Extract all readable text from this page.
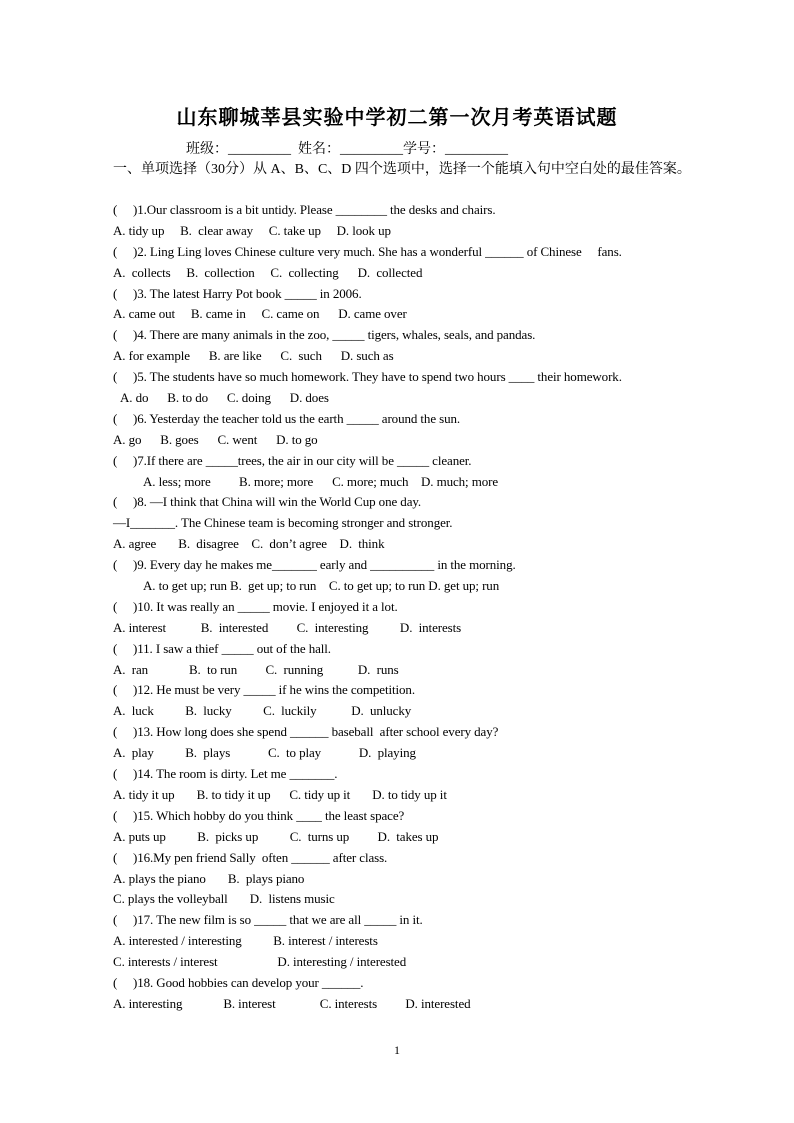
山东聊城莘县实验中学初二第一次月考英语试题
班级：_________  姓名：_________学号：_________
一、单项选择（30分）从 A、B、C、D 四个选项中，选择一个能填入句中空白处的最佳答案。
(     )1.Our classroom is a bit untidy. Please ________ the desks and chairs.
A. tidy up     B.  clear away     C. take up     D. look up
(     )2. Ling Ling loves Chinese culture very much. She has a wonderful ______ of Chinese     fans.
A.  collects     B.  collection     C.  collecting      D.  collected
(     )3. The latest Harry Pot book _____ in 2006.
A. came out     B. came in     C. came on      D. came over
(     )4. There are many animals in the zoo, _____ tigers, whales, seals, and pandas.
A. for example      B. are like      C.  such      D. such as
(     )5. The students have so much homework. They have to spend two hours ____ their homework.
A. do      B. to do      C. doing      D. does
(     )6. Yesterday the teacher told us the earth _____ around the sun.
A. go      B. goes      C. went      D. to go
(     )7.If there are _____trees, the air in our city will be _____ cleaner.
A. less; more         B. more; more      C. more; much    D. much; more
(     )8. —I think that China will win the World Cup one day.
—I_______. The Chinese team is becoming stronger and stronger.
A. agree       B.  disagree    C.  don’t agree    D.  think
(     )9. Every day he makes me_______ early and __________ in the morning.
A. to get up; run B.  get up; to run    C. to get up; to run D. get up; run
(     )10. It was really an _____ movie. I enjoyed it a lot.
A. interest           B.  interested         C.  interesting          D.  interests
(     )11. I saw a thief _____ out of the hall.
A.  ran             B.  to run         C.  running           D.  runs
(     )12. He must be very _____ if he wins the competition.
A.  luck          B.  lucky          C.  luckily           D.  unlucky
(     )13. How long does she spend ______ baseball  after school every day?
A.  play          B.  plays            C.  to play            D.  playing
(     )14. The room is dirty. Let me _______.
A. tidy it up       B. to tidy it up      C. tidy up it       D. to tidy up it
(     )15. Which hobby do you think ____ the least space?
A. puts up          B.  picks up          C.  turns up         D.  takes up
(     )16.My pen friend Sally  often ______ after class.
A. plays the piano       B.  plays piano
C. plays the volleyball       D.  listens music
(     )17. The new film is so _____ that we are all _____ in it.
A. interested / interesting          B. interest / interests
C. interests / interest                   D. interesting / interested
(     )18. Good hobbies can develop your ______.
A. interesting             B. interest              C. interests         D. interested
1
